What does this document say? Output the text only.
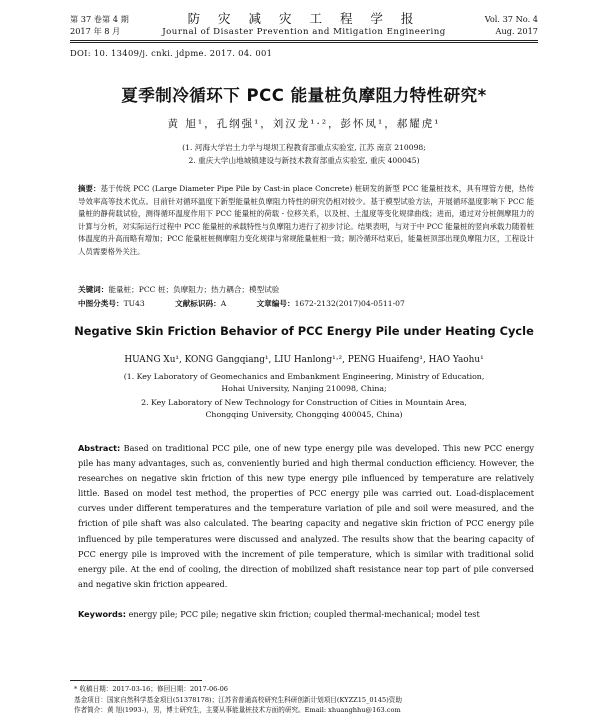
第 37 卷第 4 期
2017 年 8 月
防 灾 减 灾 工 程 学 报
Journal of Disaster Prevention and Mitigation Engineering
Vol. 37 No. 4
Aug. 2017
DOI: 10. 13409/j. cnki. jdpme. 2017. 04. 001
夏季制冷循环下 PCC 能量桩负摩阻力特性研究*
黄 旭¹，孔纲强¹，刘汉龙¹·²，彭怀凤¹，郝耀虎¹
(1. 河海大学岩土力学与堤坝工程教育部重点实验室, 江苏 南京 210098;
2. 重庆大学山地城镇建设与新技术教育部重点实验室, 重庆 400045)
摘要：基于传统 PCC (Large Diameter Pipe Pile by Cast-in place Concrete) 桩研发的新型 PCC 能量桩技术，具有埋管方便，热传导效率高等技术优点。目前针对循环温度下新型能量桩负摩阻力特性的研究仍相对较少。基于模型试验方法，开展循环温度影响下 PCC 能量桩的静荷载试验，测得循环温度作用下 PCC 能量桩的荷载 - 位移关系，以及桩、土温度等变化规律曲线；进而，通过对分桩侧摩阻力的计算与分析，对实际运行过程中 PCC 能量桩的承载特性与负摩阻力进行了初步讨论。结果表明，与对于中 PCC 能量桩的竖向承载力随着桩体温度的升高而略有增加；PCC 能量桩桩侧摩阻力变化规律与常规能量桩相一致；制冷循环结束后，能量桩顶部出现负摩阻力区，工程设计人员需要格外关注。
关键词：能量桩；PCC 桩；负摩阻力；热力耦合；模型试验
中图分类号：TU43	文献标识码：A	文章编号：1672-2132(2017)04-0511-07
Negative Skin Friction Behavior of PCC Energy Pile under Heating Cycle
HUANG Xu¹, KONG Gangqiang¹, LIU Hanlong¹·², PENG Huaifeng¹, HAO Yaohu¹
(1. Key Laboratory of Geomechanics and Embankment Engineering, Ministry of Education,
Hohai University, Nanjing 210098, China;
2. Key Laboratory of New Technology for Construction of Cities in Mountain Area,
Chongqing University, Chongqing 400045, China)
Abstract: Based on traditional PCC pile, one of new type energy pile was developed. This new PCC energy pile has many advantages, such as, conveniently buried and high thermal conduction efficiency. However, the researches on negative skin friction of this new type energy pile influenced by temperature are relatively little. Based on model test method, the properties of PCC energy pile was carried out. Load-displacement curves under different temperatures and the temperature variation of pile and soil were measured, and the friction of pile shaft was also calculated. The bearing capacity and negative skin friction of PCC energy pile influenced by pile temperatures were discussed and analyzed. The results show that the bearing capacity of PCC energy pile is improved with the increment of pile temperature, which is similar with traditional solid energy pile. At the end of cooling, the direction of mobilized shaft resistance near top part of pile conversed and negative skin friction appeared.
Keywords: energy pile; PCC pile; negative skin friction; coupled thermal-mechanical; model test
* 收稿日期：2017-03-16；修回日期：2017-06-06
基金项目：国家自然科学基金项目(51378178)；江苏省普通高校研究生科研创新计划项目(KYZZ15_0145)资助
作者简介：黄 旭(1993-)，男，博士研究生，主要从事能量桩技术方面的研究。Email: xhuanghhu@163.com
